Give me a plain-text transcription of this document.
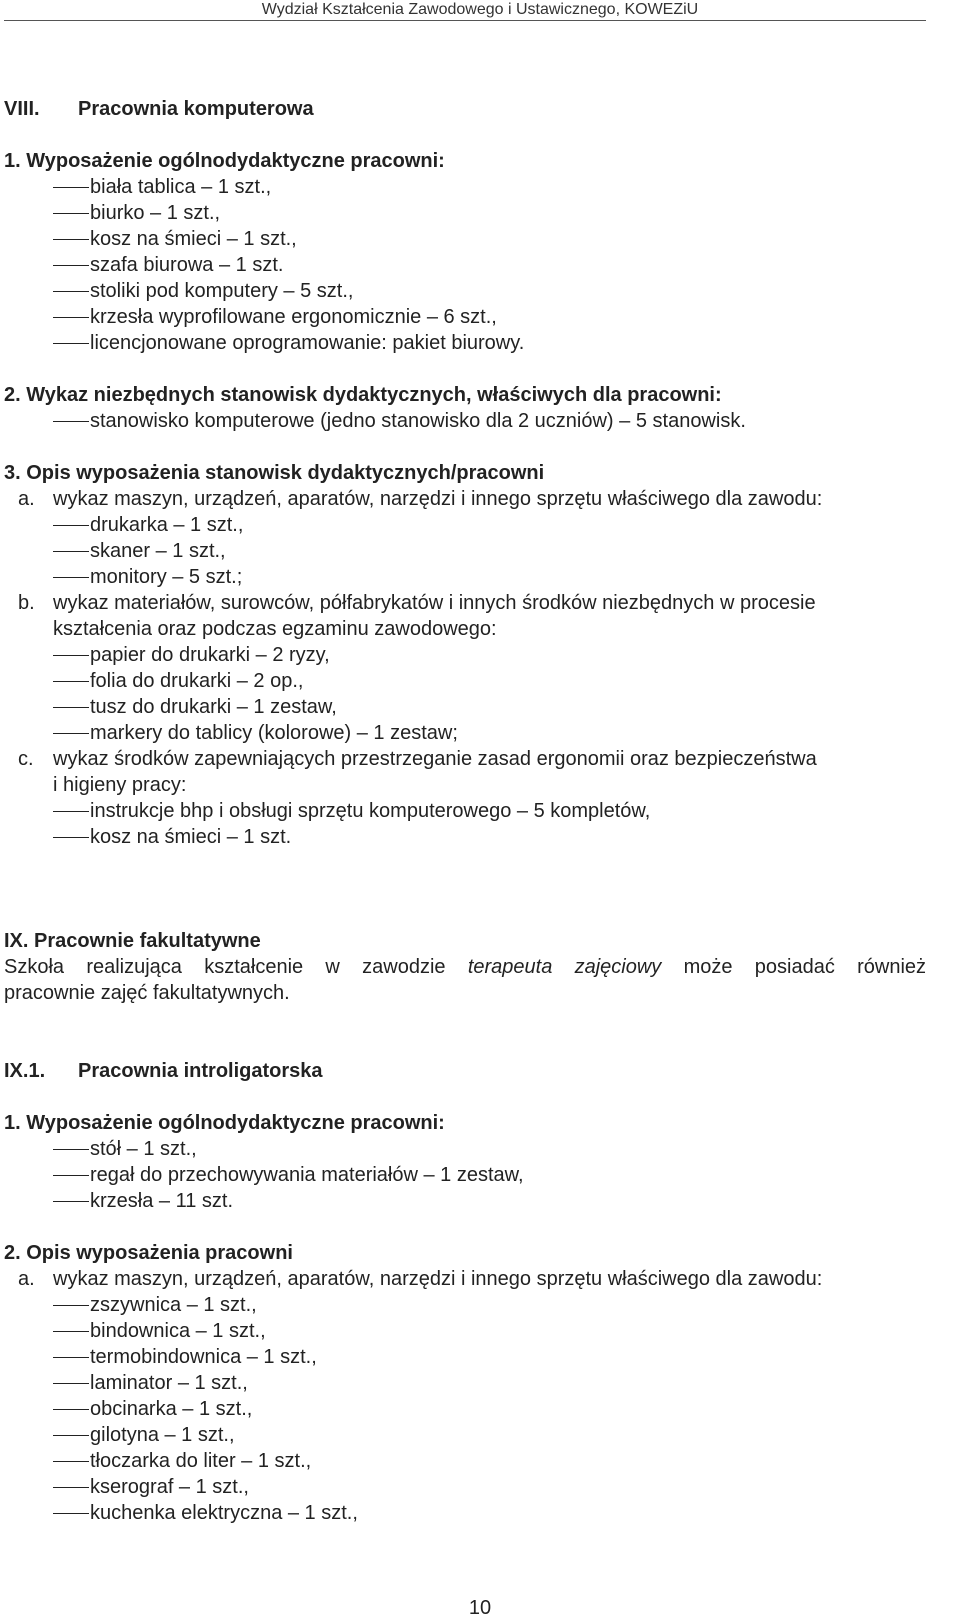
Wydział Kształcenia Zawodowego i Ustawicznego, KOWEZiU
VIII. Pracownia komputerowa
1. Wyposażenie ogólnodydaktyczne pracowni:
biała tablica – 1 szt.,
biurko – 1 szt.,
kosz na śmieci – 1 szt.,
szafa biurowa – 1 szt.
stoliki pod komputery – 5 szt.,
krzesła wyprofilowane ergonomicznie – 6 szt.,
licencjonowane oprogramowanie: pakiet biurowy.
2. Wykaz niezbędnych stanowisk dydaktycznych, właściwych dla pracowni:
stanowisko komputerowe (jedno stanowisko dla 2 uczniów) – 5 stanowisk.
3. Opis wyposażenia stanowisk dydaktycznych/pracowni
a. wykaz maszyn, urządzeń, aparatów, narzędzi i innego sprzętu właściwego dla zawodu:
drukarka – 1 szt.,
skaner – 1 szt.,
monitory – 5 szt.;
b. wykaz materiałów, surowców, półfabrykatów i innych środków niezbędnych w procesie
kształcenia oraz podczas egzaminu zawodowego:
papier do drukarki – 2 ryzy,
folia do drukarki – 2 op.,
tusz do drukarki – 1 zestaw,
markery do tablicy (kolorowe) – 1 zestaw;
c. wykaz środków zapewniających przestrzeganie zasad ergonomii oraz bezpieczeństwa
i higieny pracy:
instrukcje bhp i obsługi sprzętu komputerowego – 5 kompletów,
kosz na śmieci – 1 szt.
IX. Pracownie fakultatywne
Szkoła realizująca kształcenie w zawodzie terapeuta zajęciowy może posiadać również
pracownie zajęć fakultatywnych.
IX.1. Pracownia introligatorska
1. Wyposażenie ogólnodydaktyczne pracowni:
stół – 1 szt.,
regał do przechowywania materiałów – 1 zestaw,
krzesła – 11 szt.
2. Opis wyposażenia pracowni
a. wykaz maszyn, urządzeń, aparatów, narzędzi i innego sprzętu właściwego dla zawodu:
zszywnica – 1 szt.,
bindownica – 1 szt.,
termobindownica – 1 szt.,
laminator – 1 szt.,
obcinarka – 1 szt.,
gilotyna – 1 szt.,
tłoczarka do liter – 1 szt.,
kserograf – 1 szt.,
kuchenka elektryczna – 1 szt.,
10
